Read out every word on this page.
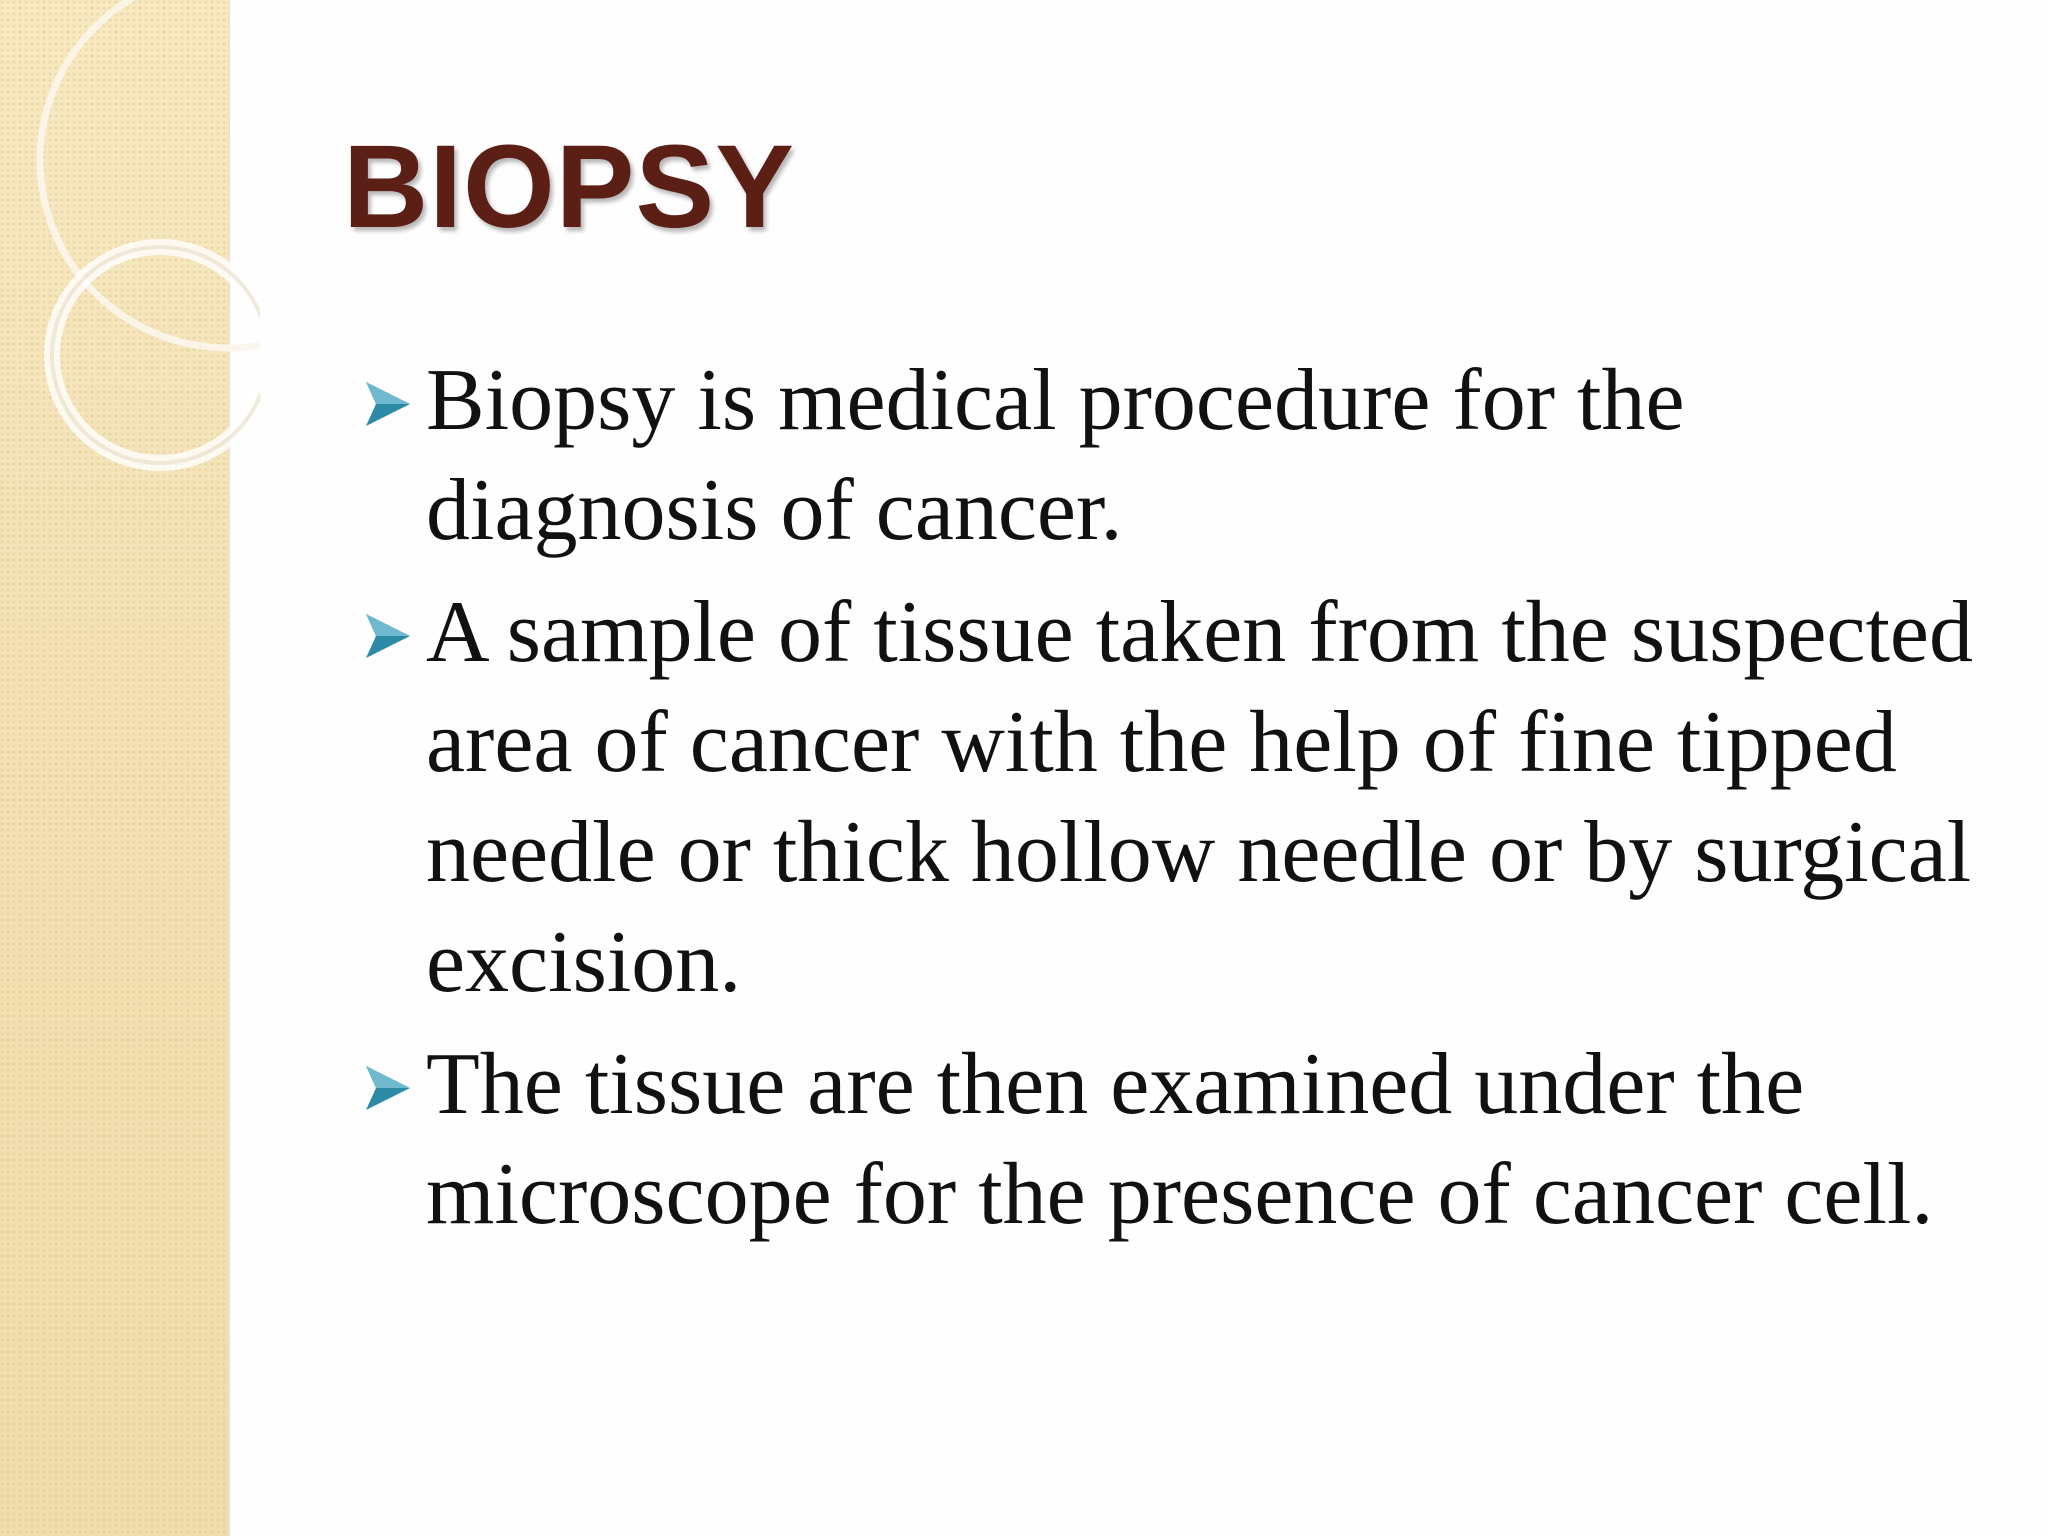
BIOPSY
Biopsy is medical procedure for the diagnosis of cancer.
A sample of tissue taken from the suspected area of cancer with the help of fine tipped needle or thick hollow needle or by surgical excision.
The tissue are then examined under the microscope for the presence of cancer cell.
